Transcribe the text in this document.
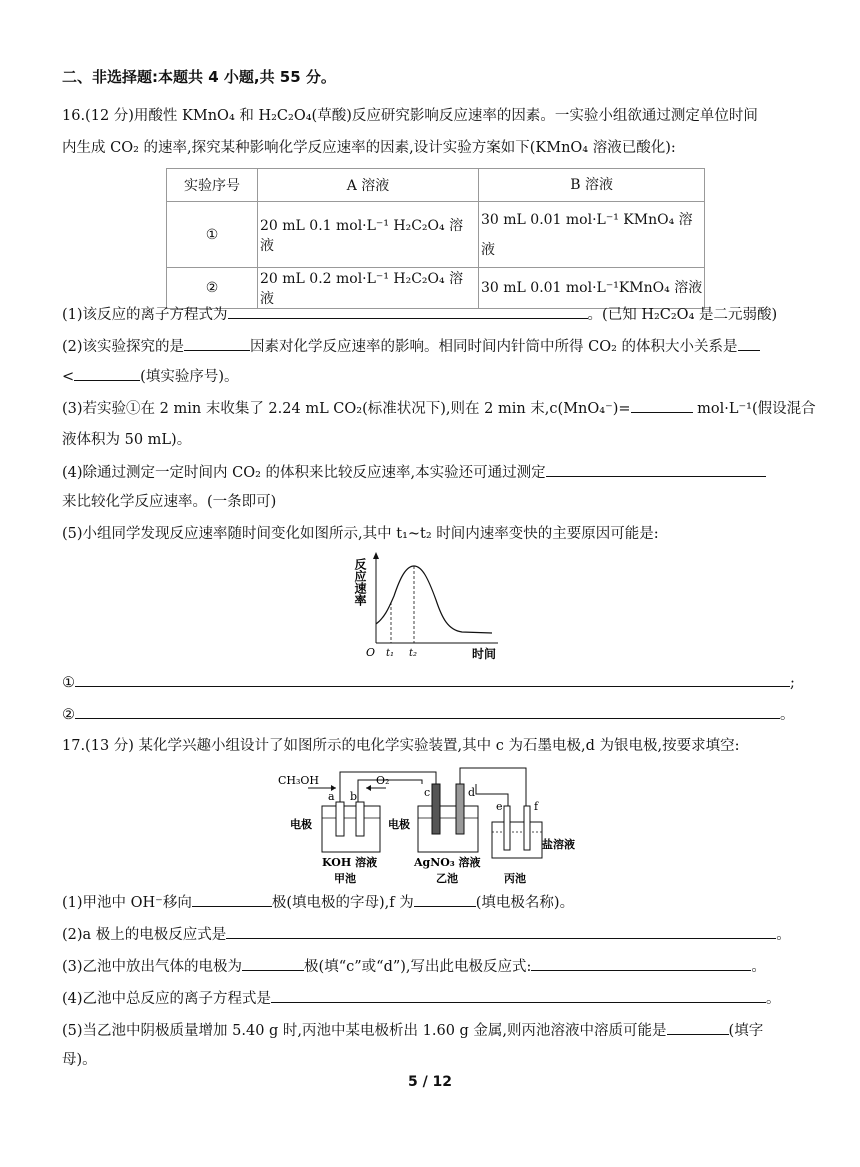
二、非选择题:本题共 4 小题,共 55 分。
16.(12 分)用酸性 KMnO₄ 和 H₂C₂O₄(草酸)反应研究影响反应速率的因素。一实验小组欲通过测定单位时间
内生成 CO₂ 的速率,探究某种影响化学反应速率的因素,设计实验方案如下(KMnO₄ 溶液已酸化):
实验序号	A 溶液	B 溶液
①	20 mL 0.1 mol·L⁻¹ H₂C₂O₄ 溶液	30 mL 0.01 mol·L⁻¹ KMnO₄ 溶液
②	20 mL 0.2 mol·L⁻¹ H₂C₂O₄ 溶液	30 mL 0.01 mol·L⁻¹KMnO₄ 溶液
(1)该反应的离子方程式为	。(已知 H₂C₂O₄ 是二元弱酸)
(2)该实验探究的是	因素对化学反应速率的影响。相同时间内针筒中所得 CO₂ 的体积大小关系是
<	(填实验序号)。
(3)若实验①在 2 min 末收集了 2.24 mL CO₂(标准状况下),则在 2 min 末,c(MnO₄⁻)=	mol·L⁻¹(假设混合
液体积为 50 mL)。
(4)除通过测定一定时间内 CO₂ 的体积来比较反应速率,本实验还可通过测定
来比较化学反应速率。(一条即可)
(5)小组同学发现反应速率随时间变化如图所示,其中 t₁~t₂ 时间内速率变快的主要原因可能是:
反应速率
O t₁ t₂	时间
①	;
②	。
17.(13 分) 某化学兴趣小组设计了如图所示的电化学实验装置,其中 c 为石墨电极,d 为银电极,按要求填空:
CH₃OH	O₂
a b	c	d
e	f
电极	电极
盐溶液
KOH 溶液	AgNO₃ 溶液
甲池	乙池	丙池
(1)甲池中 OH⁻移向	极(填电极的字母),f 为	(填电极名称)。
(2)a 极上的电极反应式是	。
(3)乙池中放出气体的电极为	极(填“c”或“d”),写出此电极反应式:	。
(4)乙池中总反应的离子方程式是	。
(5)当乙池中阴极质量增加 5.40 g 时,丙池中某电极析出 1.60 g 金属,则丙池溶液中溶质可能是	(填字
母)。
5 / 12
